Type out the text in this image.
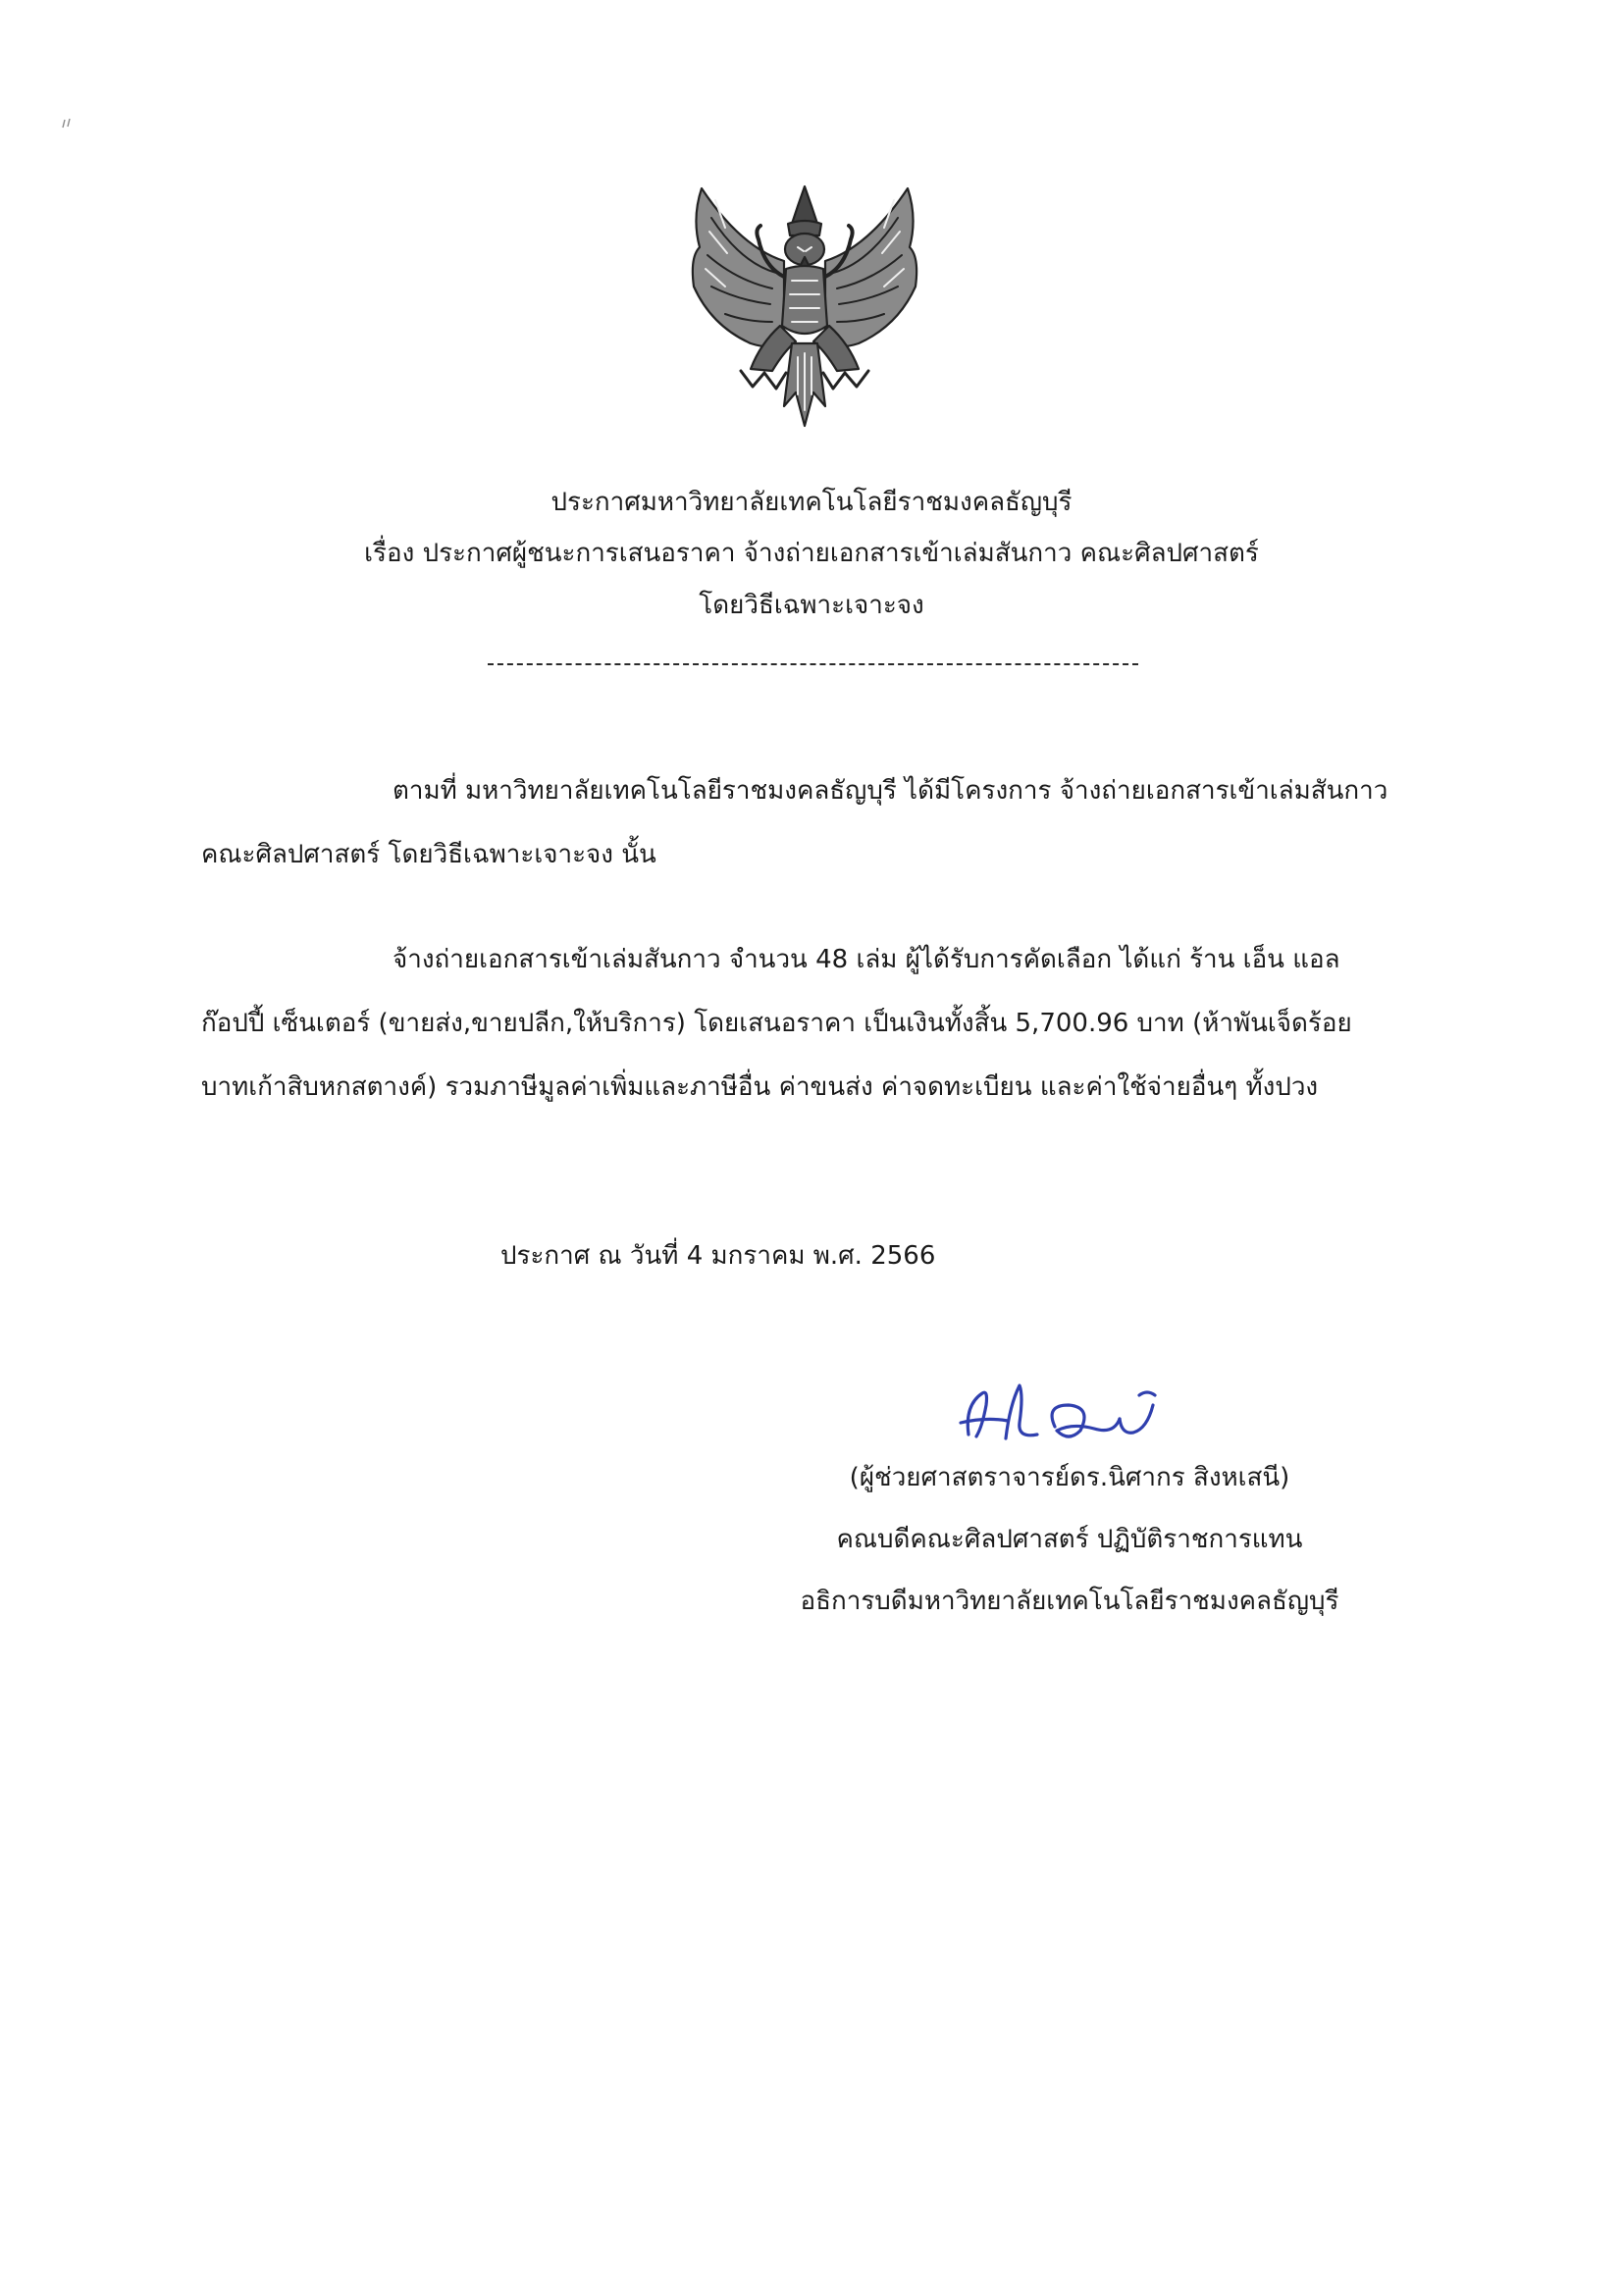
ประกาศมหาวิทยาลัยเทคโนโลยีราชมงคลธัญบุรี
เรื่อง ประกาศผู้ชนะการเสนอราคา จ้างถ่ายเอกสารเข้าเล่มสันกาว คณะศิลปศาสตร์
โดยวิธีเฉพาะเจาะจง
ตามที่ มหาวิทยาลัยเทคโนโลยีราชมงคลธัญบุรี ได้มีโครงการ จ้างถ่ายเอกสารเข้าเล่มสันกาว
คณะศิลปศาสตร์ โดยวิธีเฉพาะเจาะจง นั้น
จ้างถ่ายเอกสารเข้าเล่มสันกาว จำนวน 48 เล่ม ผู้ได้รับการคัดเลือก ได้แก่ ร้าน เอ็น แอล
ก๊อปปี้ เซ็นเตอร์ (ขายส่ง,ขายปลีก,ให้บริการ) โดยเสนอราคา เป็นเงินทั้งสิ้น 5,700.96 บาท (ห้าพันเจ็ดร้อย
บาทเก้าสิบหกสตางค์) รวมภาษีมูลค่าเพิ่มและภาษีอื่น ค่าขนส่ง ค่าจดทะเบียน และค่าใช้จ่ายอื่นๆ ทั้งปวง
ประกาศ ณ วันที่ 4 มกราคม พ.ศ. 2566
(ผู้ช่วยศาสตราจารย์ดร.นิศากร สิงหเสนี)
คณบดีคณะศิลปศาสตร์ ปฏิบัติราชการแทน
อธิการบดีมหาวิทยาลัยเทคโนโลยีราชมงคลธัญบุรี
